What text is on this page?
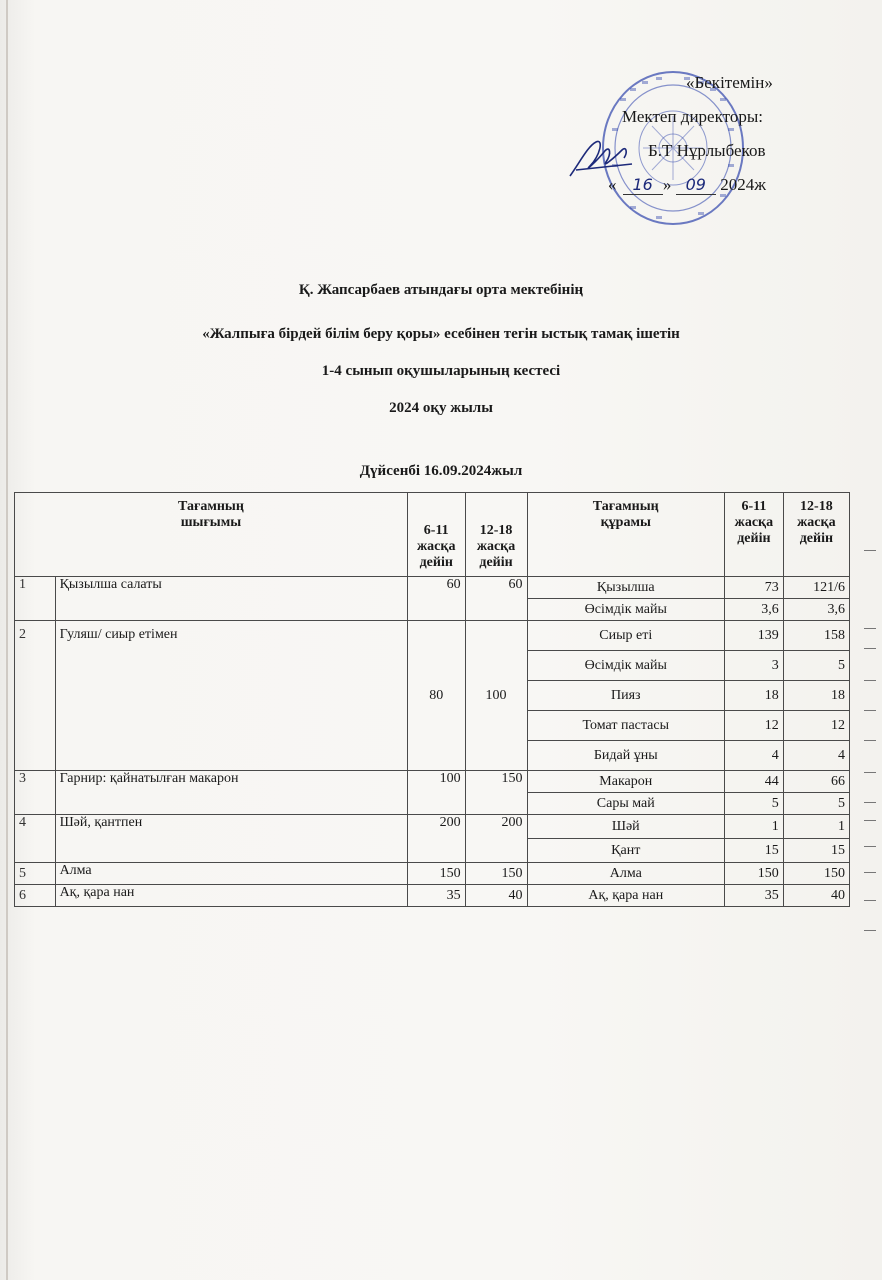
«Бекітемін»
Мектеп директоры:
Б.Т Нұрлыбеков
« 16 » 09 2024ж
Қ. Жапсарбаев атындағы орта мектебінің
«Жалпыға бірдей білім беру қоры» есебінен тегін ыстық тамақ ішетін
1-4 сынып оқушыларының кестесі
2024 оқу жылы
Дүйсенбі 16.09.2024жыл
Тағамның
шығымы		6-11
жасқа
дейін	12-18
жасқа
дейін	Тағамның
құрамы	6-11
жасқа
дейін	12-18
жасқа
дейін
1	Қызылша салаты	60	60	Қызылша	73	121/6
				Өсімдік майы	3,6	3,6
2	Гуляш/ сиыр етімен	80	100	Сиыр еті	139	158
				Өсімдік майы	3	5
				Пияз	18	18
				Томат пастасы	12	12
				Бидай ұны	4	4
3	Гарнир: қайнатылған макарон	100	150	Макарон	44	66
				Сары май	5	5
4	Шәй, қантпен	200	200	Шәй	1	1
				Қант	15	15
5	Алма	150	150	Алма	150	150
6	Ақ, қара нан	35	40	Ақ, қара нан	35	40
